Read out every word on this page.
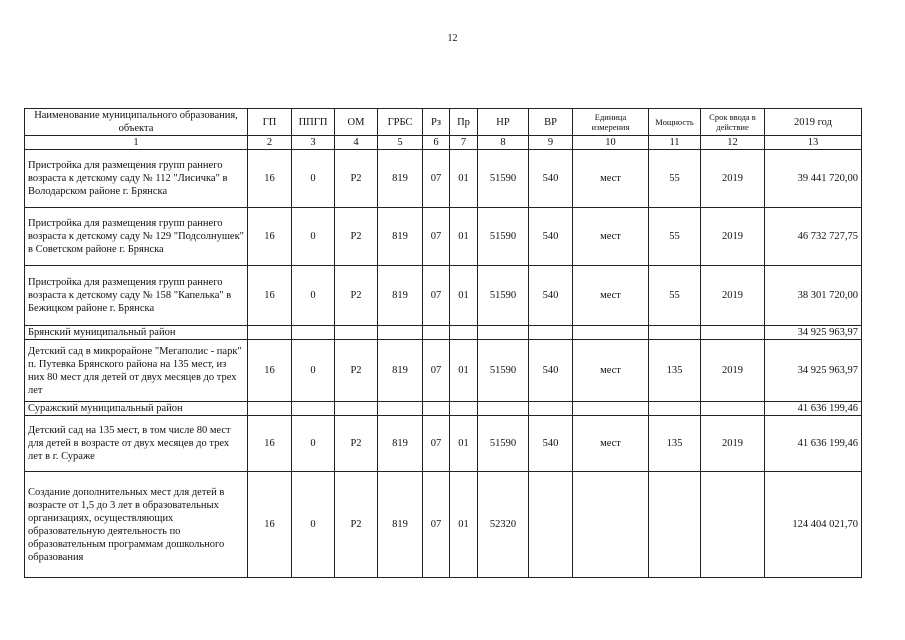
12
Наименование муниципального образования, объекта	ГП	ППГП	ОМ	ГРБС	Рз	Пр	НР	ВР	Единица измерения	Мощность	Срок ввода в действие	2019 год
1	2	3	4	5	6	7	8	9	10	11	12	13
Пристройка для размещения групп раннего возраста к детскому саду № 112 "Лисичка" в Володарском районе г. Брянска	16	0	P2	819	07	01	51590	540	мест	55	2019	39 441 720,00
Пристройка для размещения групп раннего возраста к детскому саду № 129 "Подсолнушек" в Советском районе г. Брянска	16	0	P2	819	07	01	51590	540	мест	55	2019	46 732 727,75
Пристройка для размещения групп раннего возраста к детскому саду № 158 "Капелька" в Бежицком районе г. Брянска	16	0	P2	819	07	01	51590	540	мест	55	2019	38 301 720,00
Брянский муниципальный район												34 925 963,97
Детский сад в микрорайоне "Мегаполис - парк" п. Путевка Брянского района на 135 мест, из них 80 мест для детей от двух месяцев до трех лет	16	0	P2	819	07	01	51590	540	мест	135	2019	34 925 963,97
Суражский муниципальный район												41 636 199,46
Детский сад на 135 мест, в том числе 80 мест для детей в возрасте от двух месяцев до трех лет в г. Сураже	16	0	P2	819	07	01	51590	540	мест	135	2019	41 636 199,46
Создание дополнительных мест для детей в возрасте от 1,5 до 3 лет в образовательных организациях, осуществляющих образовательную деятельность по образовательным программам дошкольного образования	16	0	P2	819	07	01	52320					124 404 021,70
